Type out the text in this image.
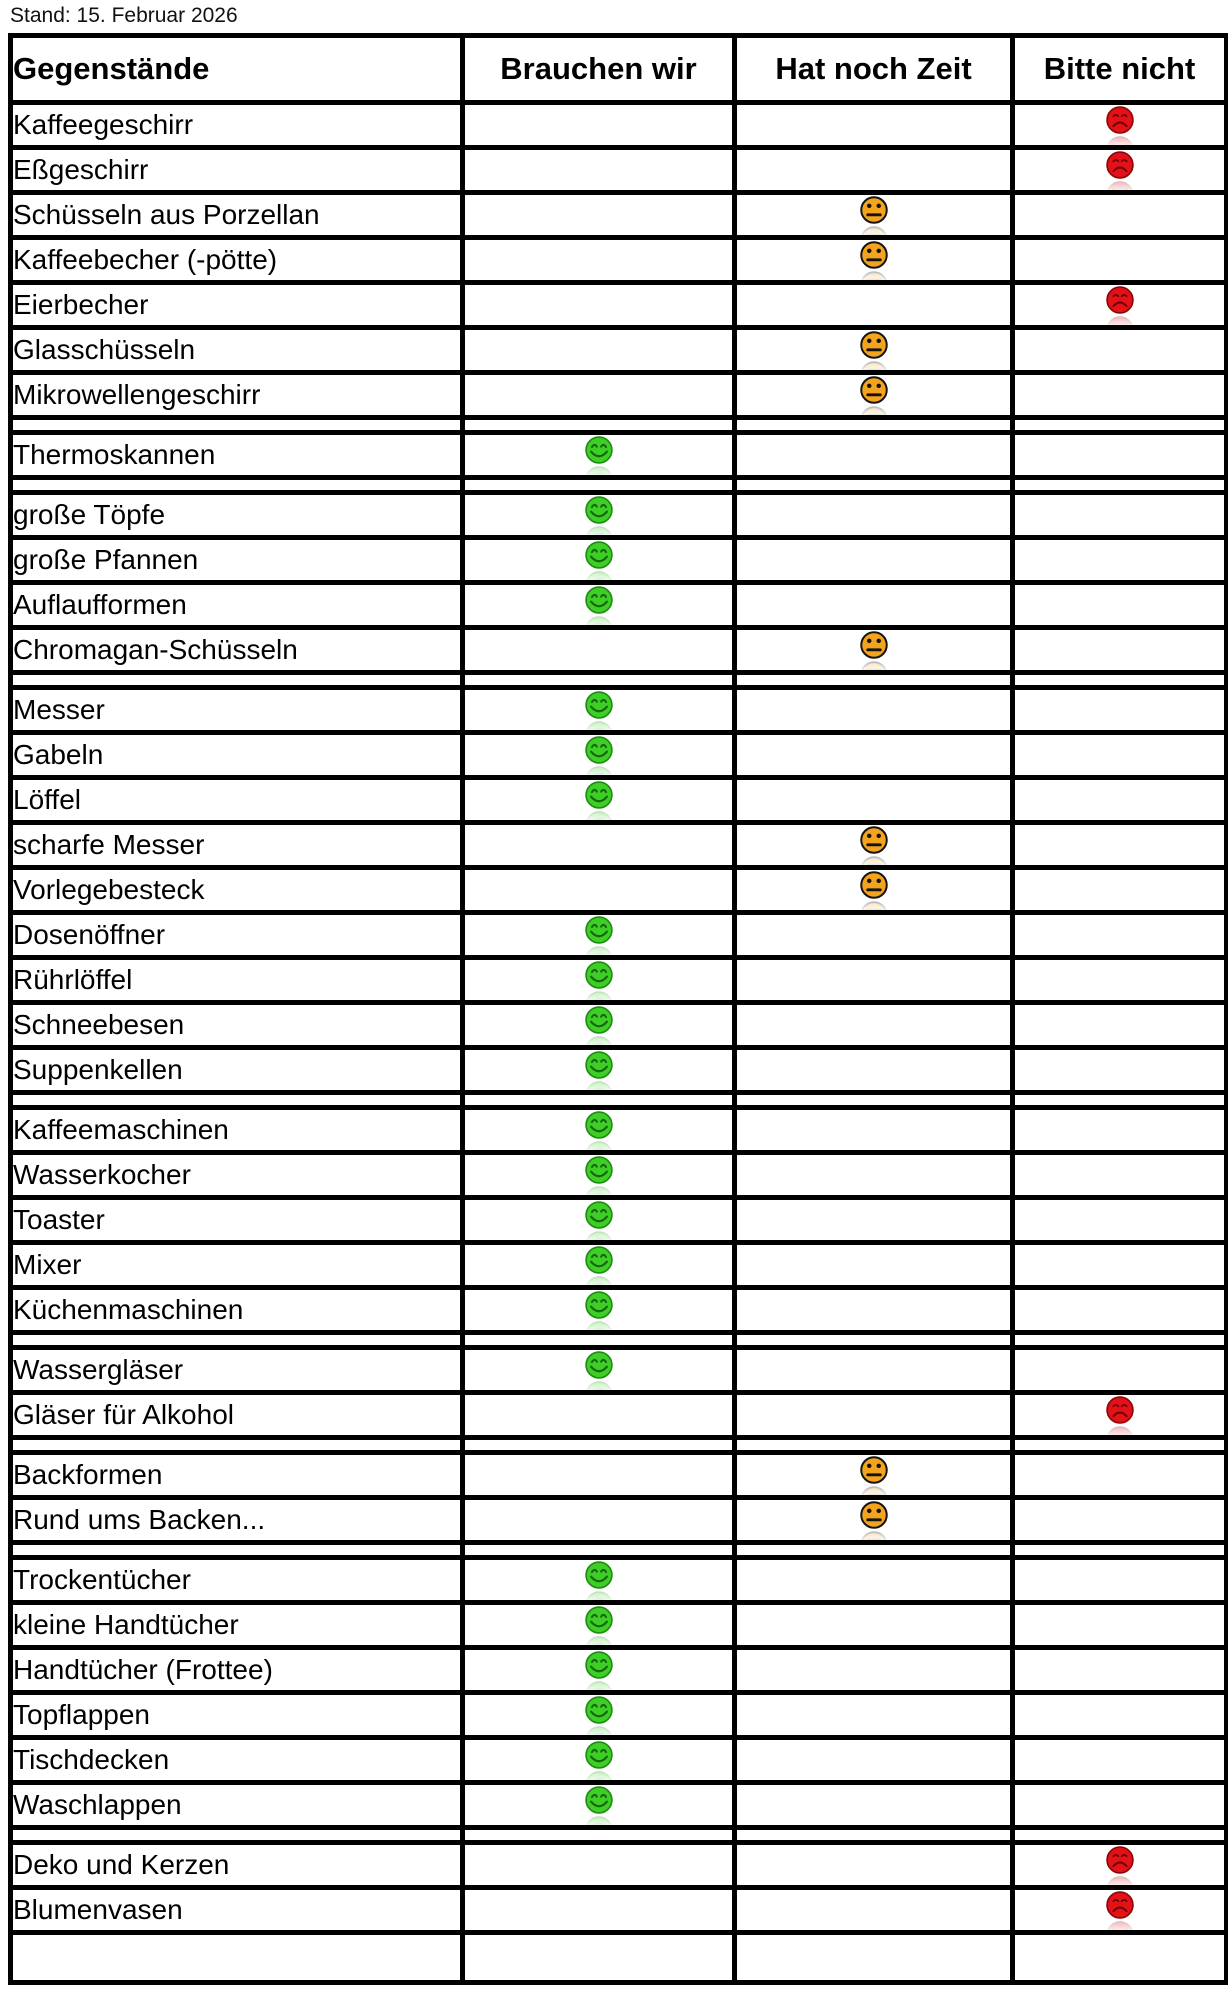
Stand: 15. Februar 2026
Gegenstände	Brauchen wir	Hat noch Zeit	Bitte nicht
Kaffeegeschirr			

Eßgeschirr			

Schüsseln aus Porzellan		

Kaffeebecher (-pötte)		

Eierbecher			

Glasschüsseln		

Mikrowellengeschirr		

Thermoskannen	

große Töpfe	

große Pfannen	

Auflaufformen	

Chromagan-Schüsseln		

Messer	

Gabeln	

Löffel	

scharfe Messer		

Vorlegebesteck		

Dosenöffner	

Rührlöffel	

Schneebesen	

Suppenkellen	

Kaffeemaschinen	

Wasserkocher	

Toaster	

Mixer	

Küchenmaschinen	

Wassergläser	

Gläser für Alkohol			

Backformen		

Rund ums Backen...		

Trockentücher	

kleine Handtücher	

Handtücher (Frottee)	

Topflappen	

Tischdecken	

Waschlappen	

Deko und Kerzen			

Blumenvasen			
